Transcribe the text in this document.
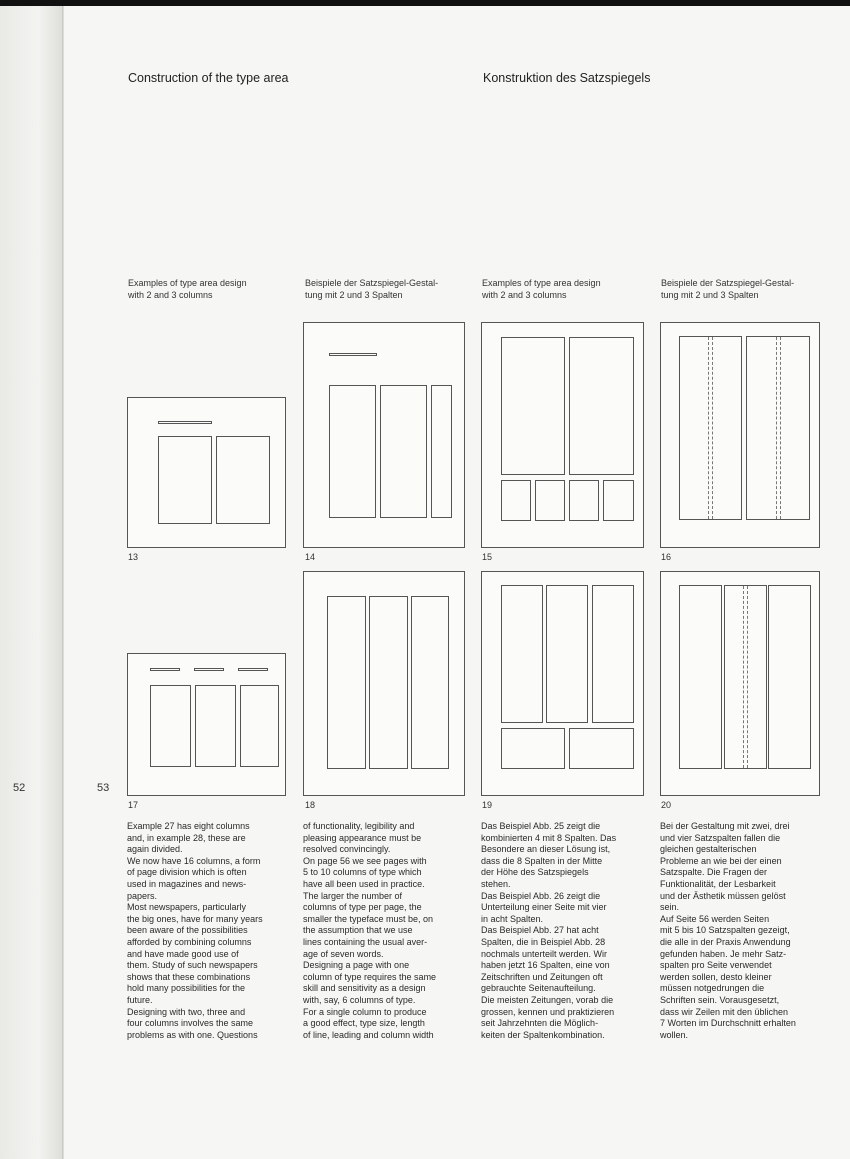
Construction of the type area	Konstruktion des Satzspiegels
Examples of type area design
with 2 and 3 columns
Beispiele der Satzspiegel-Gestal-
tung mit 2 und 3 Spalten
Examples of type area design
with 2 and 3 columns
Beispiele der Satzspiegel-Gestal-
tung mit 2 und 3 Spalten
13	14	15	16
17	18	19	20
52	53
Example 27 has eight columns
and, in example 28, these are
again divided.
We now have 16 columns, a form
of page division which is often
used in magazines and news-
papers.
Most newspapers, particularly
the big ones, have for many years
been aware of the possibilities
afforded by combining columns
and have made good use of
them. Study of such newspapers
shows that these combinations
hold many possibilities for the
future.
Designing with two, three and
four columns involves the same
problems as with one. Questions
of functionality, legibility and
pleasing appearance must be
resolved convincingly.
On page 56 we see pages with
5 to 10 columns of type which
have all been used in practice.
The larger the number of
columns of type per page, the
smaller the typeface must be, on
the assumption that we use
lines containing the usual aver-
age of seven words.
Designing a page with one
column of type requires the same
skill and sensitivity as a design
with, say, 6 columns of type.
For a single column to produce
a good effect, type size, length
of line, leading and column width
Das Beispiel Abb. 25 zeigt die
kombinierten 4 mit 8 Spalten. Das
Besondere an dieser Lösung ist,
dass die 8 Spalten in der Mitte
der Höhe des Satzspiegels
stehen.
Das Beispiel Abb. 26 zeigt die
Unterteilung einer Seite mit vier
in acht Spalten.
Das Beispiel Abb. 27 hat acht
Spalten, die in Beispiel Abb. 28
nochmals unterteilt werden. Wir
haben jetzt 16 Spalten, eine von
Zeitschriften und Zeitungen oft
gebrauchte Seitenaufteilung.
Die meisten Zeitungen, vorab die
grossen, kennen und praktizieren
seit Jahrzehnten die Möglich-
keiten der Spaltenkombination.
Bei der Gestaltung mit zwei, drei
und vier Satzspalten fallen die
gleichen gestalterischen
Probleme an wie bei der einen
Satzspalte. Die Fragen der
Funktionalität, der Lesbarkeit
und der Ästhetik müssen gelöst
sein.
Auf Seite 56 werden Seiten
mit 5 bis 10 Satzspalten gezeigt,
die alle in der Praxis Anwendung
gefunden haben. Je mehr Satz-
spalten pro Seite verwendet
werden sollen, desto kleiner
müssen notgedrungen die
Schriften sein. Vorausgesetzt,
dass wir Zeilen mit den üblichen
7 Worten im Durchschnitt erhalten
wollen.
